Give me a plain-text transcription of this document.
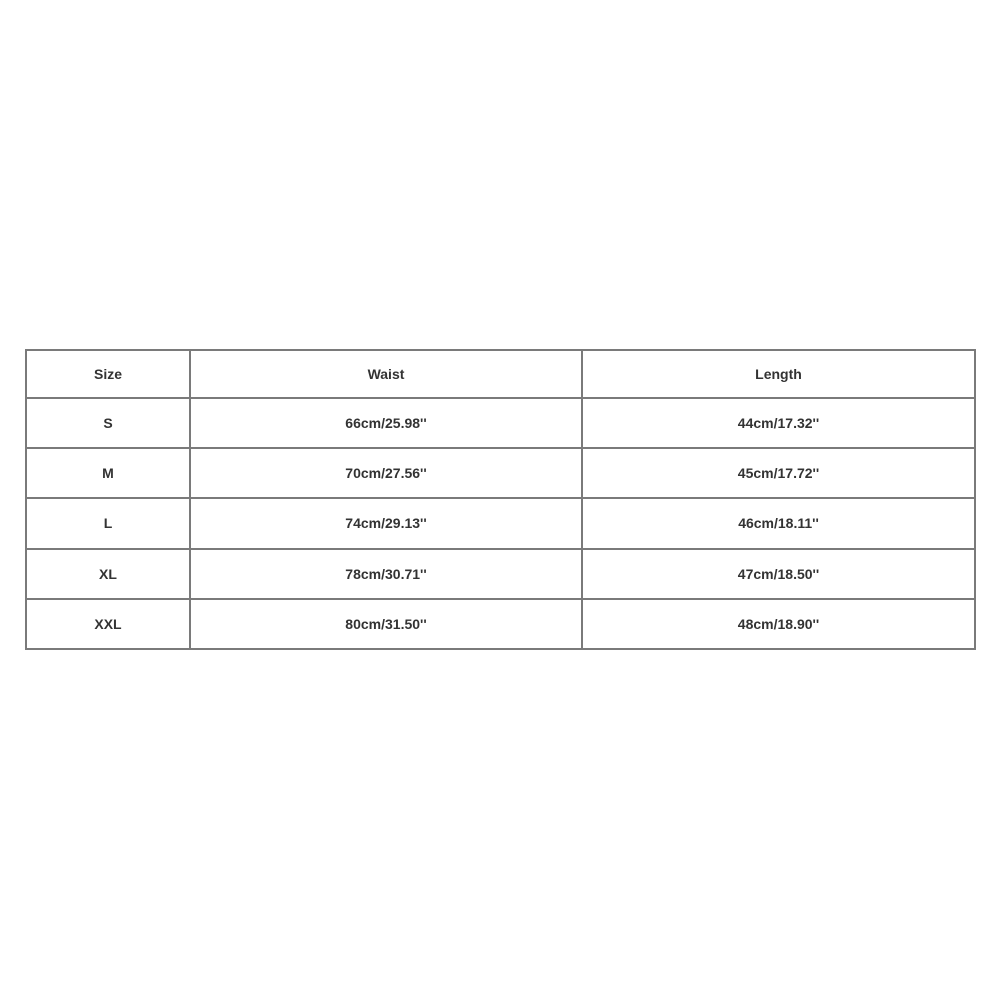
Size	Waist	Length
S	66cm/25.98''	44cm/17.32''
M	70cm/27.56''	45cm/17.72''
L	74cm/29.13''	46cm/18.11''
XL	78cm/30.71''	47cm/18.50''
XXL	80cm/31.50''	48cm/18.90''
